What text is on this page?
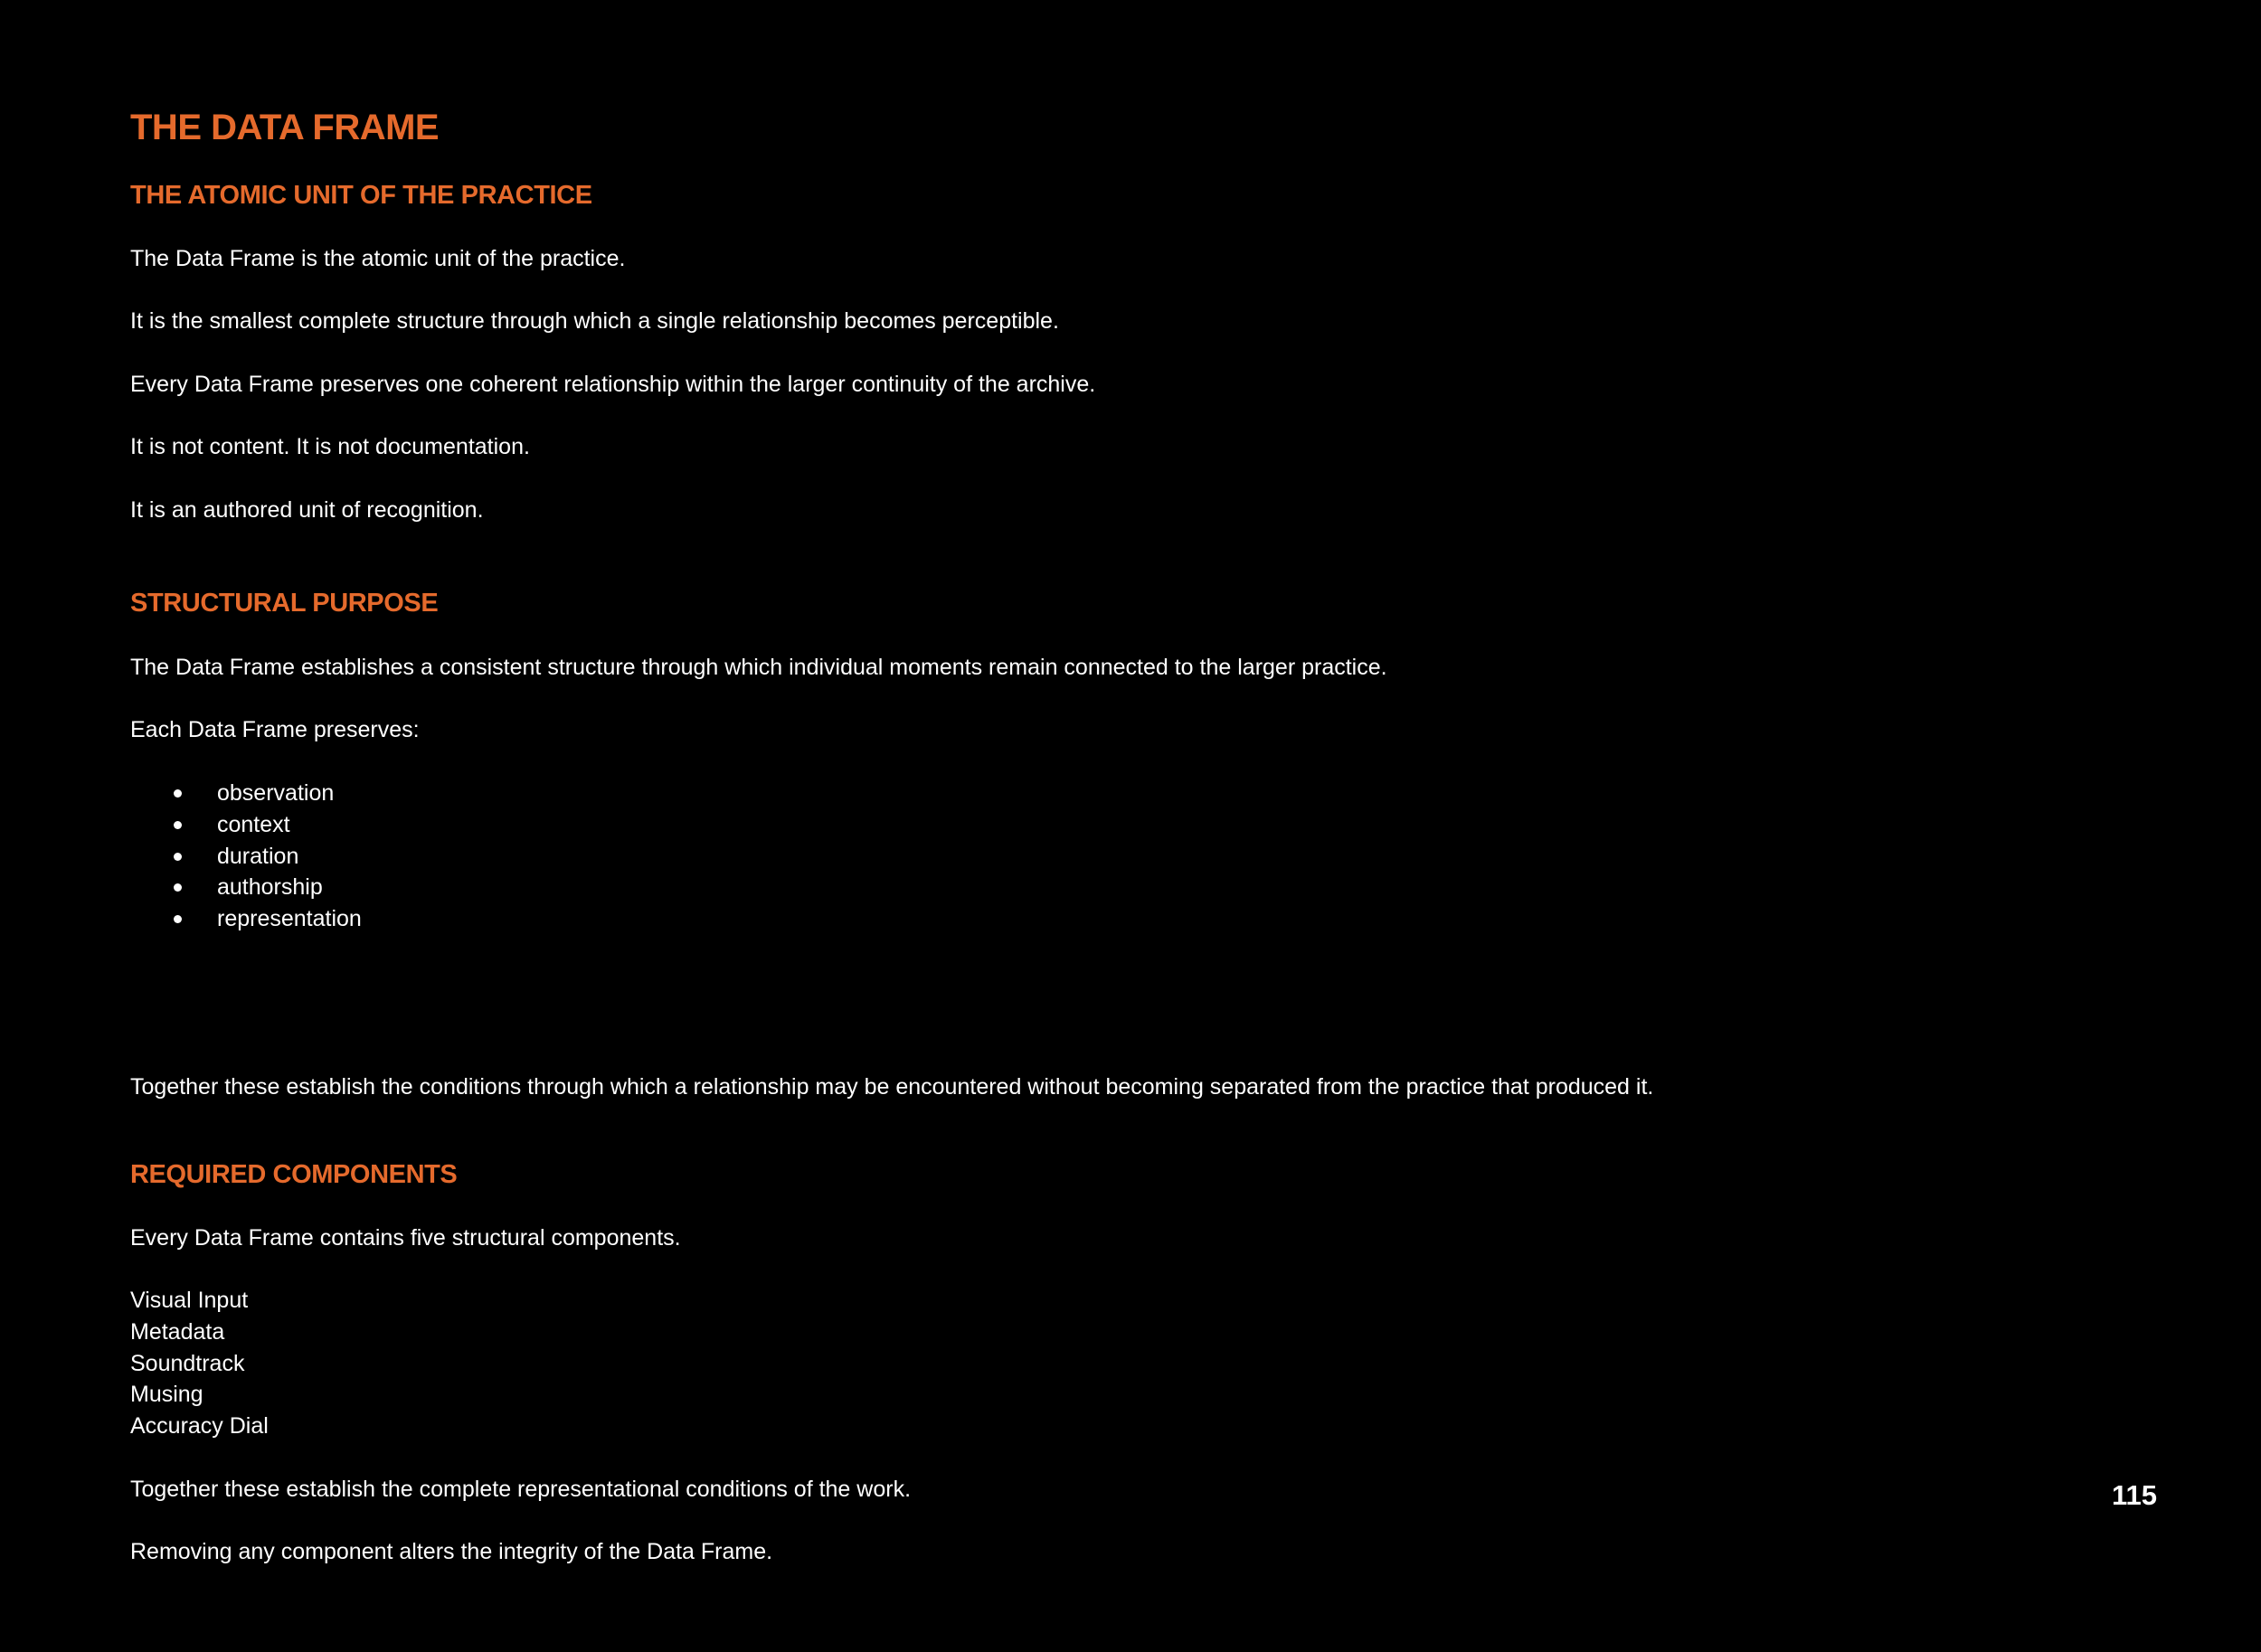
THE DATA FRAME
THE ATOMIC UNIT OF THE PRACTICE

The Data Frame is the atomic unit of the practice.

It is the smallest complete structure through which a single relationship becomes perceptible.

Every Data Frame preserves one coherent relationship within the larger continuity of the archive.

It is not content. It is not documentation.

It is an authored unit of recognition.

STRUCTURAL PURPOSE

The Data Frame establishes a consistent structure through which individual moments remain connected to the larger practice.

Each Data Frame preserves:

observation
context
duration
authorship
representation

Together these establish the conditions through which a relationship may be encountered without becoming separated from the practice that produced it.

REQUIRED COMPONENTS

Every Data Frame contains five structural components.

Visual Input
Metadata
Soundtrack
Musing
Accuracy Dial

Together these establish the complete representational conditions of the work.

Removing any component alters the integrity of the Data Frame.

115
